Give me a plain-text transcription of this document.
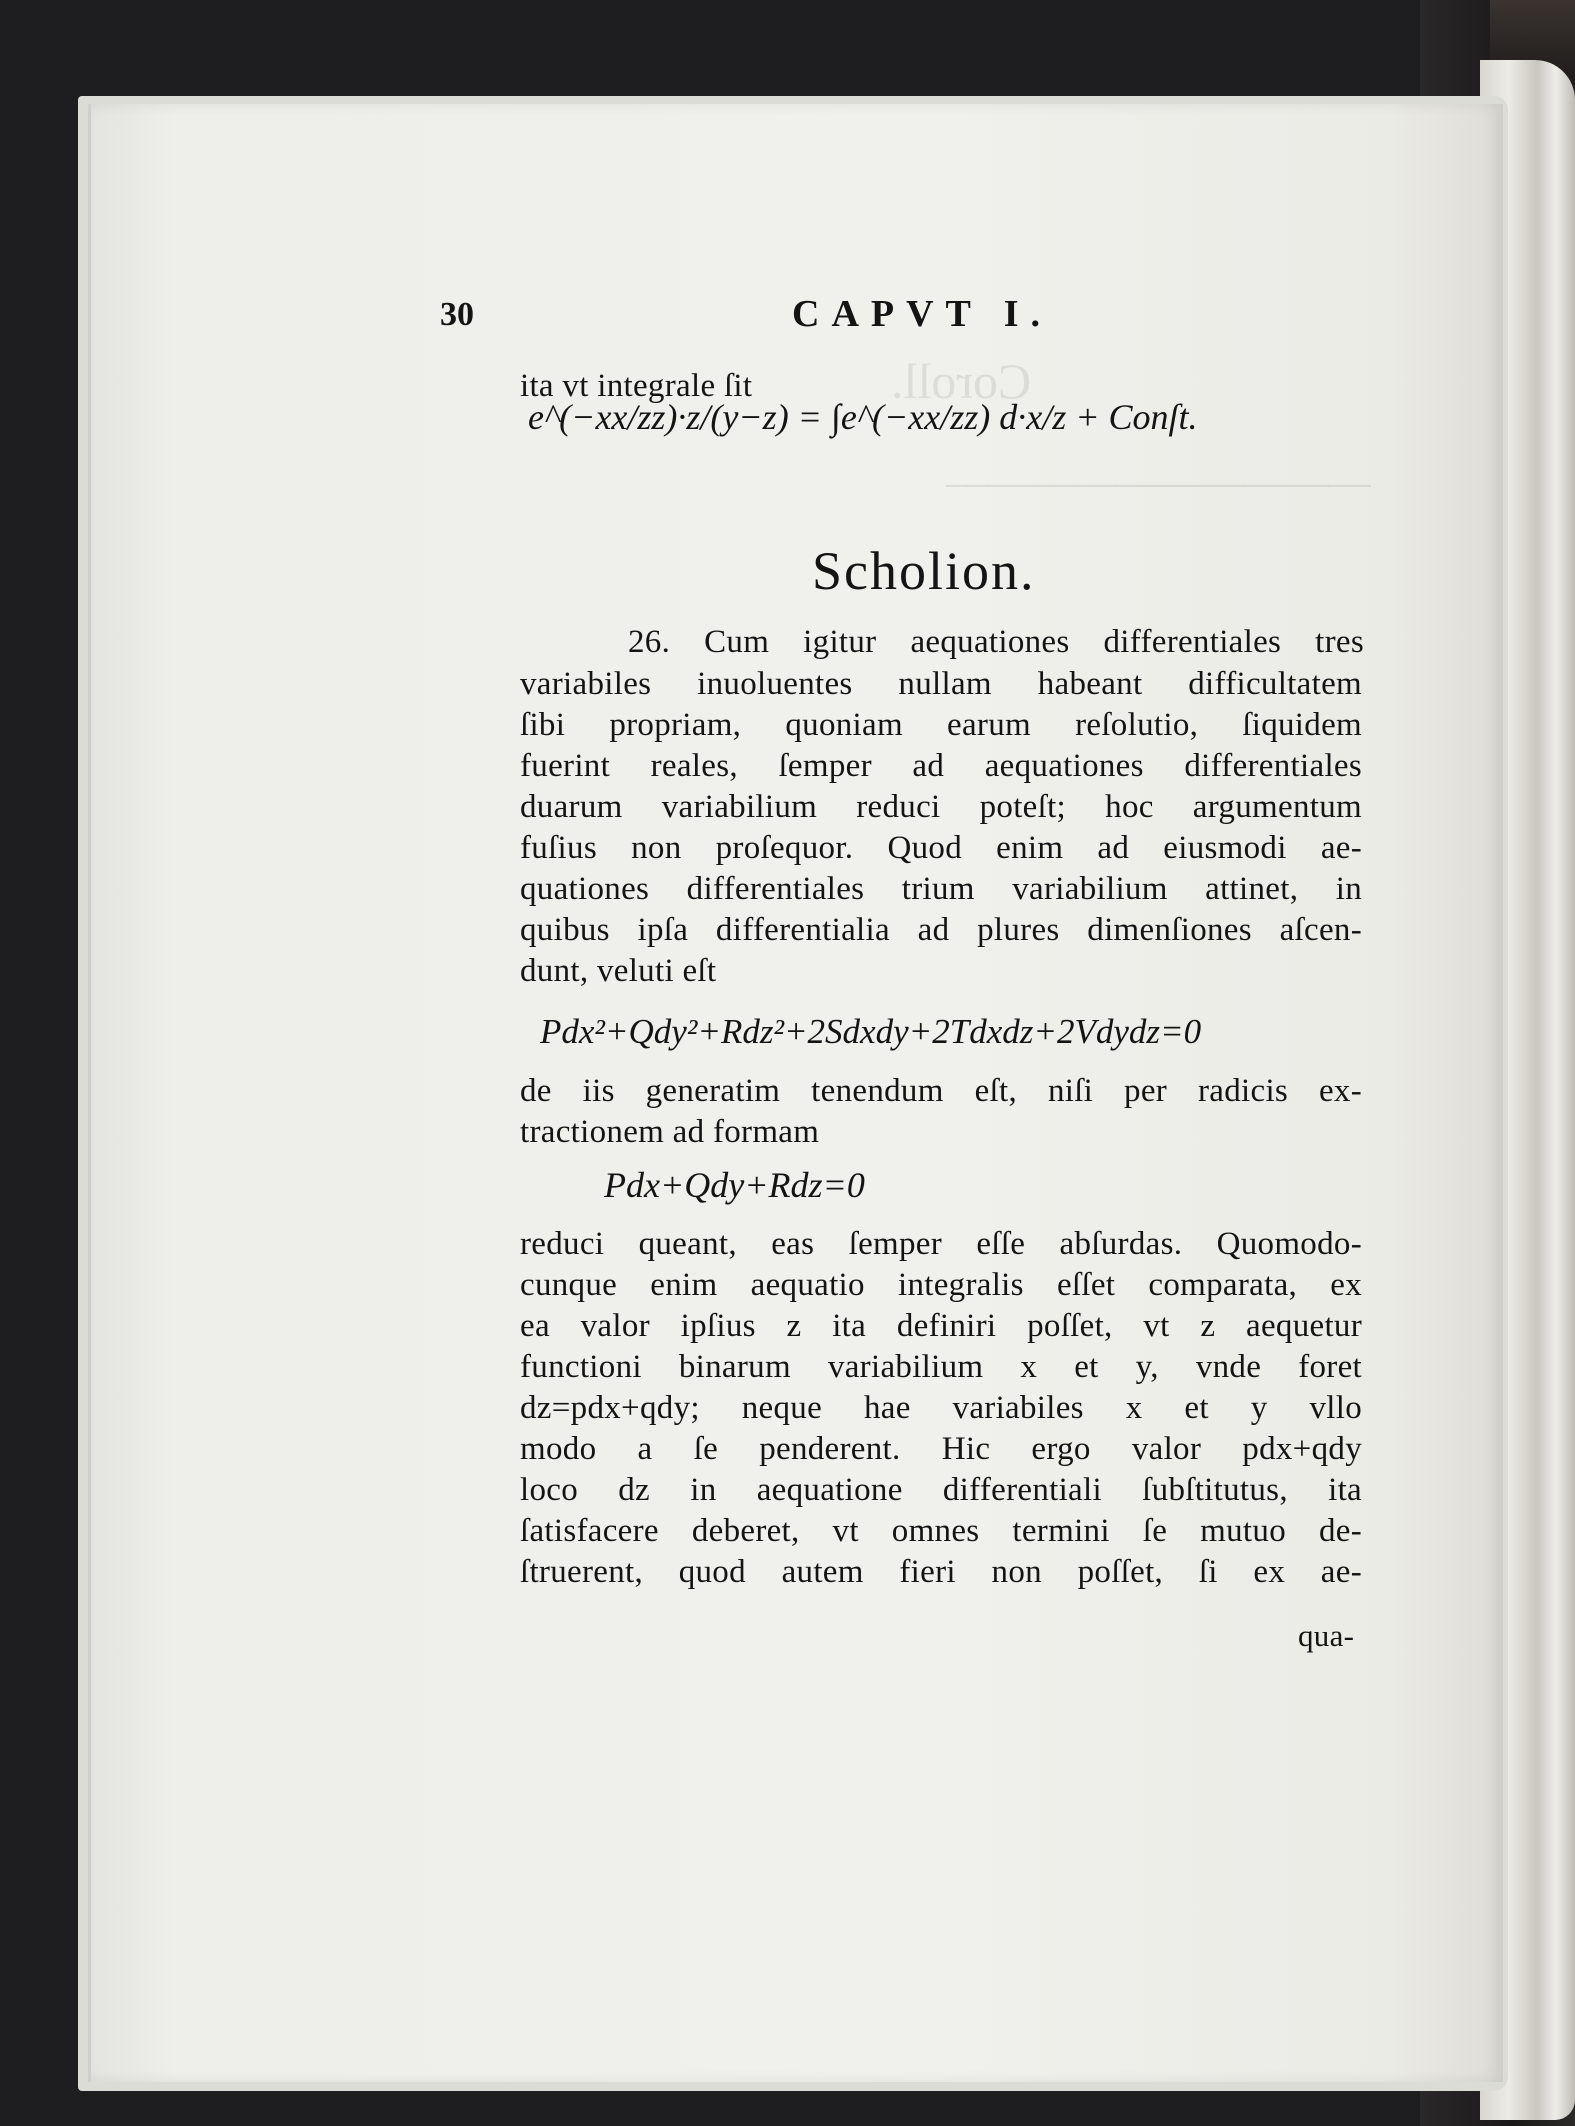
Coroll.
────────────────────
30	CAPVT I.
ita vt integrale ſit
e^(−xx/zz)·z/(y−z) = ∫e^(−xx/zz) d·x/z + Conſt.
Scholion.
26. Cum igitur aequationes differentiales tres
variabiles inuoluentes nullam habeant difficultatem
ſibi propriam, quoniam earum reſolutio, ſiquidem
fuerint reales, ſemper ad aequationes differentiales
duarum variabilium reduci poteſt; hoc argumentum
fuſius non proſequor. Quod enim ad eiusmodi ae-
quationes differentiales trium variabilium attinet, in
quibus ipſa differentialia ad plures dimenſiones aſcen-
dunt, veluti eſt
Pdx²+Qdy²+Rdz²+2Sdxdy+2Tdxdz+2Vdydz=0
de iis generatim tenendum eſt, niſi per radicis ex-
tractionem ad formam
Pdx+Qdy+Rdz=0
reduci queant, eas ſemper eſſe abſurdas. Quomodo-
cunque enim aequatio integralis eſſet comparata, ex
ea valor ipſius z ita definiri poſſet, vt z aequetur
functioni binarum variabilium x et y, vnde foret
dz=pdx+qdy; neque hae variabiles x et y vllo
modo a ſe penderent. Hic ergo valor pdx+qdy
loco dz in aequatione differentiali ſubſtitutus, ita
ſatisfacere deberet, vt omnes termini ſe mutuo de-
ſtruerent, quod autem fieri non poſſet, ſi ex ae-
qua-
